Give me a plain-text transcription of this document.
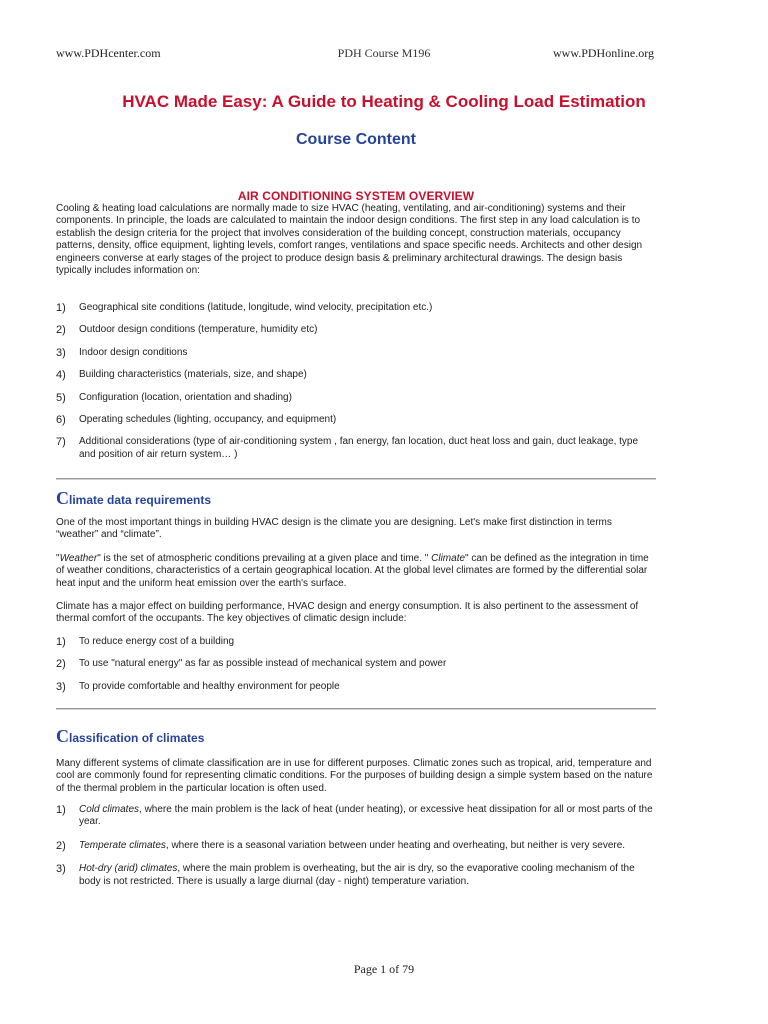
www.PDHcenter.com	PDH Course M196	www.PDHonline.org
HVAC Made Easy: A Guide to Heating & Cooling Load Estimation
Course Content
AIR CONDITIONING SYSTEM OVERVIEW

Cooling & heating load calculations are normally made to size HVAC (heating, ventilating, and air-conditioning) systems and their components. In principle, the loads are calculated to maintain the indoor design conditions. The first step in any load calculation is to establish the design criteria for the project that involves consideration of the building concept, construction materials, occupancy patterns, density, office equipment, lighting levels, comfort ranges, ventilations and space specific needs. Architects and other design engineers converse at early stages of the project to produce design basis & preliminary architectural drawings. The design basis typically includes information on:

1) Geographical site conditions (latitude, longitude, wind velocity, precipitation etc.)
2) Outdoor design conditions (temperature, humidity etc)
3) Indoor design conditions
4) Building characteristics (materials, size, and shape)
5) Configuration (location, orientation and shading)
6) Operating schedules (lighting, occupancy, and equipment)
7) Additional considerations (type of air-conditioning system , fan energy, fan location, duct heat loss and gain, duct leakage, type and position of air return system… )
Climate data requirements

One of the most important things in building HVAC design is the climate you are designing. Let's make first distinction in terms “weather” and “climate”.

"Weather" is the set of atmospheric conditions prevailing at a given place and time. " Climate" can be defined as the integration in time of weather conditions, characteristics of a certain geographical location. At the global level climates are formed by the differential solar heat input and the uniform heat emission over the earth's surface.

Climate has a major effect on building performance, HVAC design and energy consumption. It is also pertinent to the assessment of thermal comfort of the occupants. The key objectives of climatic design include:

1) To reduce energy cost of a building
2) To use "natural energy" as far as possible instead of mechanical system and power
3) To provide comfortable and healthy environment for people
Classification of climates

Many different systems of climate classification are in use for different purposes. Climatic zones such as tropical, arid, temperature and cool are commonly found for representing climatic conditions. For the purposes of building design a simple system based on the nature of the thermal problem in the particular location is often used.

1) Cold climates, where the main problem is the lack of heat (under heating), or excessive heat dissipation for all or most parts of the year.
2) Temperate climates, where there is a seasonal variation between under heating and overheating, but neither is very severe.
3) Hot-dry (arid) climates, where the main problem is overheating, but the air is dry, so the evaporative cooling mechanism of the body is not restricted. There is usually a large diurnal (day - night) temperature variation.
Page 1 of 79
